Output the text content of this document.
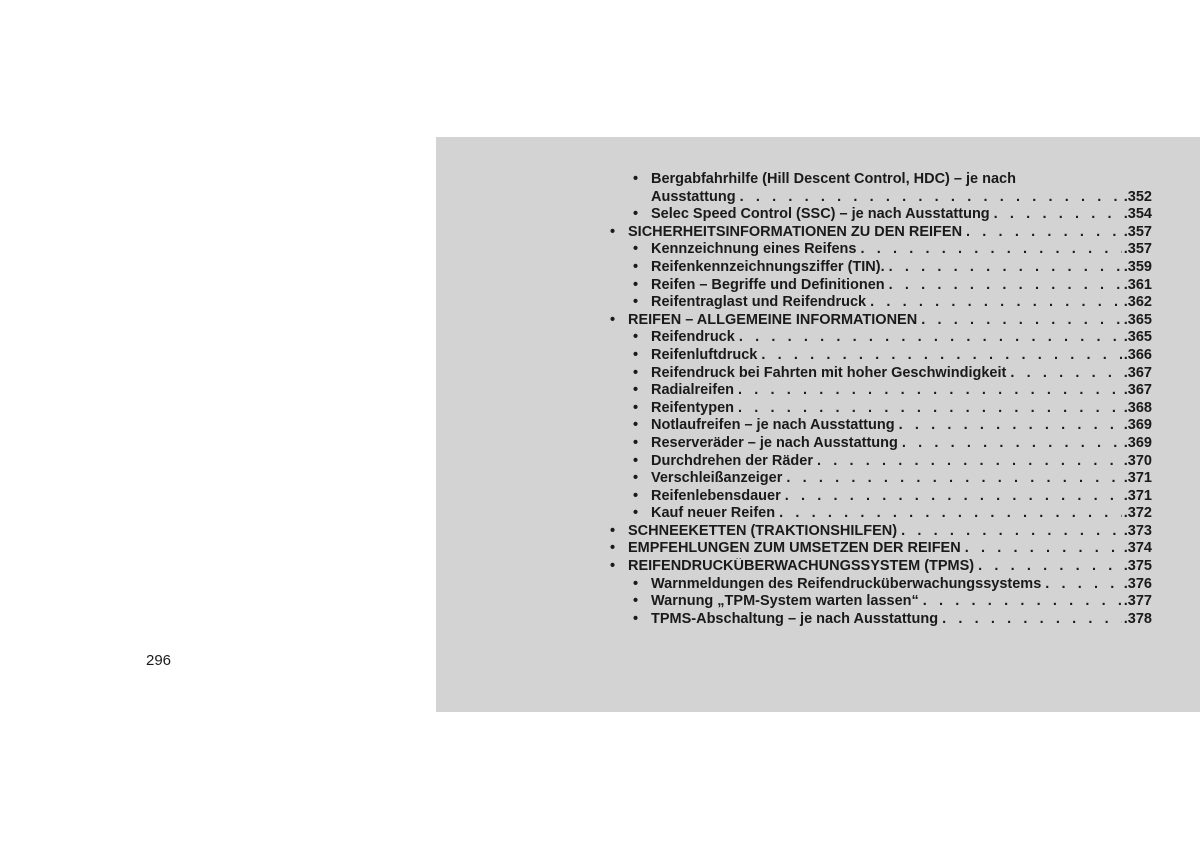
• Bergabfahrhilfe (Hill Descent Control, HDC) – je nach
Ausstattung . . .	.352
• Selec Speed Control (SSC) – je nach Ausstattung . . .	.354
• SICHERHEITSINFORMATIONEN ZU DEN REIFEN . . .	.357
• Kennzeichnung eines Reifens . . .	.357
• Reifenkennzeichnungsziffer (TIN). . . .	.359
• Reifen – Begriffe und Definitionen . . .	.361
• Reifentraglast und Reifendruck . . .	.362
• REIFEN – ALLGEMEINE INFORMATIONEN . . .	.365
• Reifendruck . . .	.365
• Reifenluftdruck . . .	.366
• Reifendruck bei Fahrten mit hoher Geschwindigkeit . . .	.367
• Radialreifen . . .	.367
• Reifentypen . . .	.368
• Notlaufreifen – je nach Ausstattung . . .	.369
• Reserveräder – je nach Ausstattung . . .	.369
• Durchdrehen der Räder . . .	.370
• Verschleißanzeiger . . .	.371
• Reifenlebensdauer . . .	.371
• Kauf neuer Reifen . . .	.372
• SCHNEEKETTEN (TRAKTIONSHILFEN) . . .	.373
• EMPFEHLUNGEN ZUM UMSETZEN DER REIFEN . . .	.374
• REIFENDRUCKÜBERWACHUNGSSYSTEM (TPMS) . . .	.375
• Warnmeldungen des Reifendrucküberwachungssystems . . .	.376
• Warnung „TPM-System warten lassen“ . . .	.377
• TPMS-Abschaltung – je nach Ausstattung . . .	.378
296
